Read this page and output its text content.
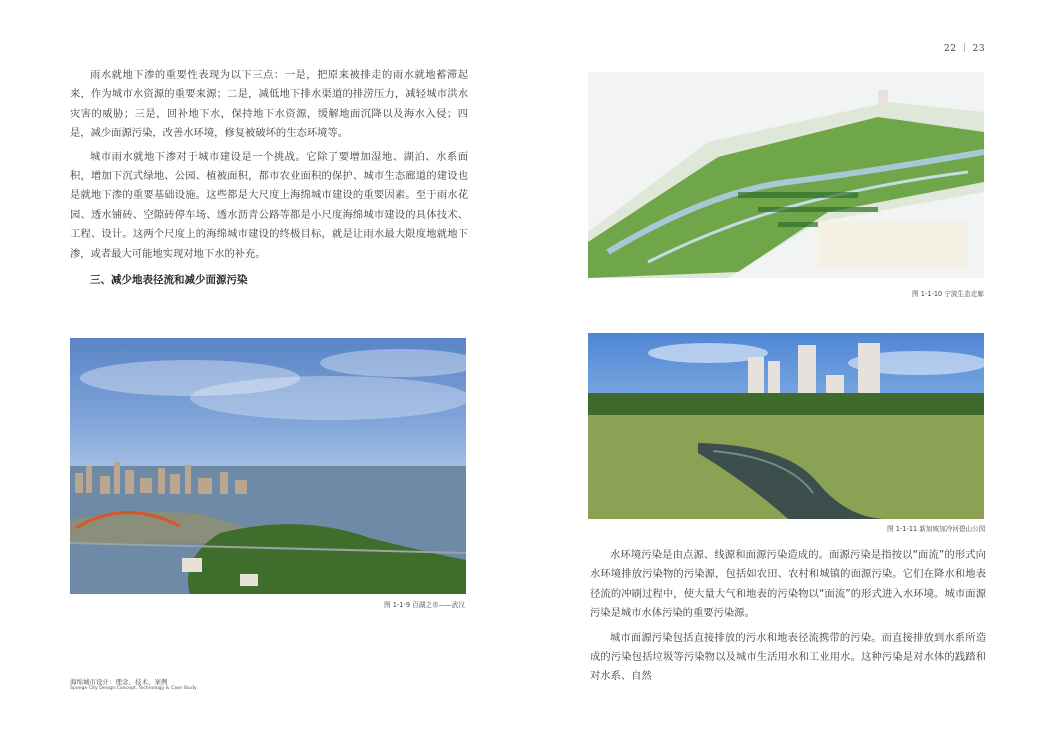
22 ｜ 23

雨水就地下渗的重要性表现为以下三点：一是，把原来被排走的雨水就地蓄滞起来，作为城市水资源的重要来源；二是，减低地下排水渠道的排涝压力，减轻城市洪水灾害的威胁；三是，回补地下水，保持地下水资源，缓解地面沉降以及海水入侵；四是，减少面源污染，改善水环境，修复被破坏的生态环境等。

城市雨水就地下渗对于城市建设是一个挑战。它除了要增加湿地、湖泊、水系面积，增加下沉式绿地、公园、植被面积，都市农业面积的保护、城市生态廊道的建设也是就地下渗的重要基础设施。这些都是大尺度上海绵城市建设的重要因素。至于雨水花园、透水铺砖、空隙砖停车场、透水沥青公路等都是小尺度海绵城市建设的具体技术、工程、设计。这两个尺度上的海绵城市建设的终极目标，就是让雨水最大限度地就地下渗，或者最大可能地实现对地下水的补充。

三、减少地表径流和减少面源污染
图 1-1-9 百湖之市——武汉
图 1-1-10 宁波生态走廊
图 1-1-11 新加坡加冷河碧山公园

水环境污染是由点源、线源和面源污染造成的。面源污染是指按以“面流”的形式向水环境排放污染物的污染源，包括如农田、农村和城镇的面源污染。它们在降水和地表径流的冲刷过程中，使大量大气和地表的污染物以“面流”的形式进入水环境。城市面源污染是城市水体污染的重要污染源。

城市面源污染包括直接排放的污水和地表径流携带的污染。而直接排放到水系所造成的污染包括垃圾等污染物以及城市生活用水和工业用水。这种污染是对水体的践踏和对水系、自然

海绵城市设计：理念、技术、案例
Sponge City Design:Concept, Technology & Case Study
